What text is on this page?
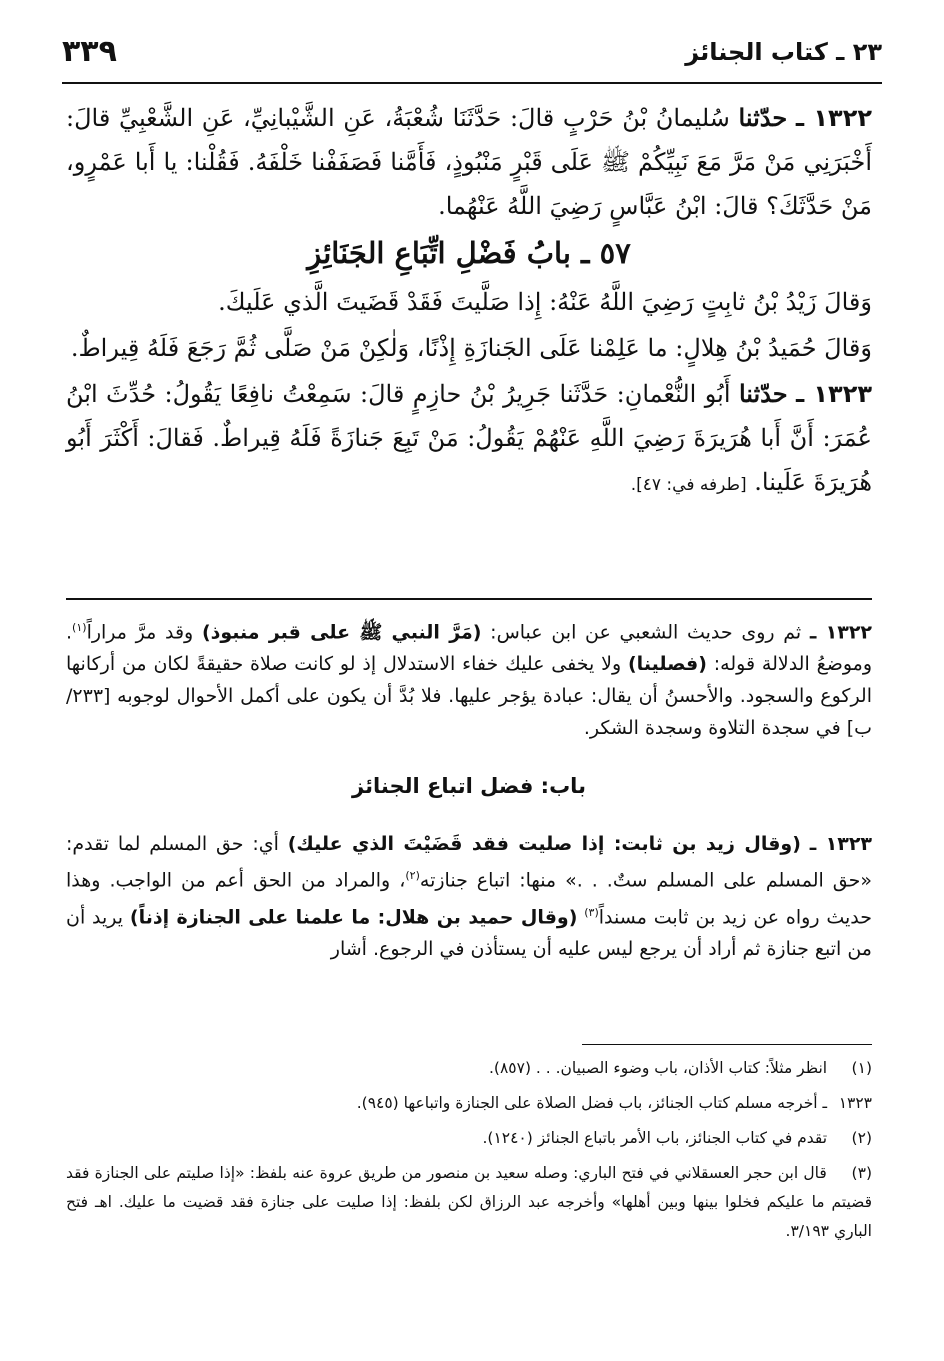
٣٣٩	٢٣ ـ كتاب الجنائز

١٣٢٢ ـ حدّثنا سُليمانُ بْنُ حَرْبٍ قالَ: حَدَّثَنَا شُعْبَةُ، عَنِ الشَّيْبانِيِّ، عَنِ الشَّعْبِيِّ قالَ: أَخْبَرَنِي مَنْ مَرَّ مَعَ نَبِيِّكُمْ ﷺ عَلَى قَبْرٍ مَنْبُوذٍ، فَأَمَّنا فَصَفَفْنا خَلْفَهُ. فَقُلْنا: يا أَبا عَمْرٍو، مَنْ حَدَّثَكَ؟ قالَ: ابْنُ عَبَّاسٍ رَضِيَ اللَّهُ عَنْهُما.

٥٧ ـ بابُ فَضْلِ اتِّبَاعِ الجَنَائِزِ

وَقالَ زَيْدُ بْنُ ثابِتٍ رَضِيَ اللَّهُ عَنْهُ: إِذا صَلَّيتَ فَقَدْ قَضَيتَ الَّذي عَلَيكَ.

وَقالَ حُمَيدُ بْنُ هِلالٍ: ما عَلِمْنا عَلَى الجَنازَةِ إِذْنًا، وَلٰكِنْ مَنْ صَلَّى ثُمَّ رَجَعَ فَلَهُ قِيراطٌ.

١٣٢٣ ـ حدّثنا أَبُو النُّعْمانِ: حَدَّثَنا جَرِيرُ بْنُ حازِمٍ قالَ: سَمِعْتُ نافِعًا يَقُولُ: حُدِّثَ ابْنُ عُمَرَ: أَنَّ أَبا هُرَيرَةَ رَضِيَ اللَّهِ عَنْهُمْ يَقُولُ: مَنْ تَبِعَ جَنازَةً فَلَهُ قِيراطٌ. فَقالَ: أَكْثَرَ أَبُو هُرَيرَةَ عَلَينا. [طرفه في: ٤٧].

١٣٢٢ ـ ثم روى حديث الشعبي عن ابن عباس: (مَرَّ النبي ﷺ على قبر منبوذ) وقد مرَّ مراراً$^{(١)}$. وموضعُ الدلالة قوله: (فصلينا) ولا يخفى عليك خفاء الاستدلال إذ لو كانت صلاة حقيقةً لكان من أركانها الركوع والسجود. والأحسنُ أن يقال: عبادة يؤجر عليها. فلا بُدَّ أن يكون على أكمل الأحوال لوجوبه [٢٣٣/ب] في سجدة التلاوة وسجدة الشكر.

باب: فضل اتباع الجنائز

١٣٢٣ ـ (وقال زيد بن ثابت: إذا صليت فقد قَضَيْتَ الذي عليك) أي: حق المسلم لما تقدم: «حق المسلم على المسلم ستٌ. . .» منها: اتباع جنازته$^{(٢)}$، والمراد من الحق أعم من الواجب. وهذا حديث رواه عن زيد بن ثابت مسنداً$^{(٣)}$ (وقال حميد بن هلال: ما علمنا على الجنازة إذناً) يريد أن من اتبع جنازة ثم أراد أن يرجع ليس عليه أن يستأذن في الرجوع. أشار

(١) انظر مثلاً: كتاب الأذان، باب وضوء الصبيان. . . (٨٥٧).

١٣٢٣ ـ أخرجه مسلم كتاب الجنائز، باب فضل الصلاة على الجنازة واتباعها (٩٤٥).

(٢) تقدم في كتاب الجنائز، باب الأمر باتباع الجنائز (١٢٤٠).

(٣) قال ابن حجر العسقلاني في فتح الباري: وصله سعيد بن منصور من طريق عروة عنه بلفظ: «إذا صليتم على الجنازة فقد قضيتم ما عليكم فخلوا بينها وبين أهلها» وأخرجه عبد الرزاق لكن بلفظ: إذا صليت على جنازة فقد قضيت ما عليك. اهـ فتح الباري ٣/١٩٣.
